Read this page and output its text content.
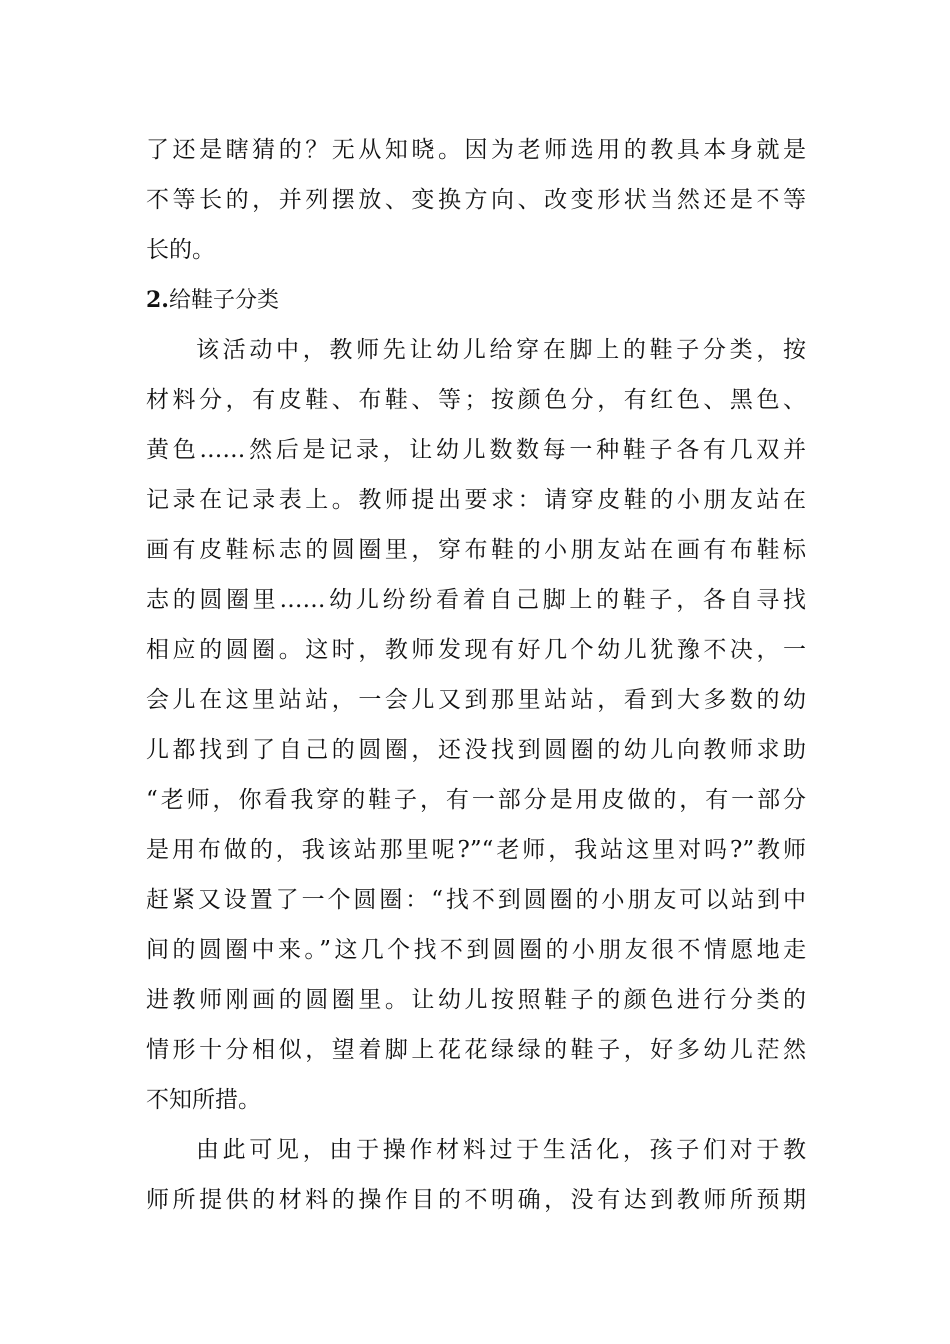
了还是瞎猜的？无从知晓。因为老师选用的教具本身就是
不等长的，并列摆放、变换方向、改变形状当然还是不等
长的。
2.给鞋子分类
该活动中，教师先让幼儿给穿在脚上的鞋子分类，按
材料分，有皮鞋、布鞋、等；按颜色分，有红色、黑色、
黄色……然后是记录，让幼儿数数每一种鞋子各有几双并
记录在记录表上。教师提出要求：请穿皮鞋的小朋友站在
画有皮鞋标志的圆圈里，穿布鞋的小朋友站在画有布鞋标
志的圆圈里……幼儿纷纷看着自己脚上的鞋子，各自寻找
相应的圆圈。这时，教师发现有好几个幼儿犹豫不决，一
会儿在这里站站，一会儿又到那里站站，看到大多数的幼
儿都找到了自己的圆圈，还没找到圆圈的幼儿向教师求助
“老师，你看我穿的鞋子，有一部分是用皮做的，有一部分
是用布做的，我该站那里呢?”“老师，我站这里对吗?”教师
赶紧又设置了一个圆圈：“找不到圆圈的小朋友可以站到中
间的圆圈中来。”这几个找不到圆圈的小朋友很不情愿地走
进教师刚画的圆圈里。让幼儿按照鞋子的颜色进行分类的
情形十分相似，望着脚上花花绿绿的鞋子，好多幼儿茫然
不知所措。
由此可见，由于操作材料过于生活化，孩子们对于教
师所提供的材料的操作目的不明确，没有达到教师所预期
